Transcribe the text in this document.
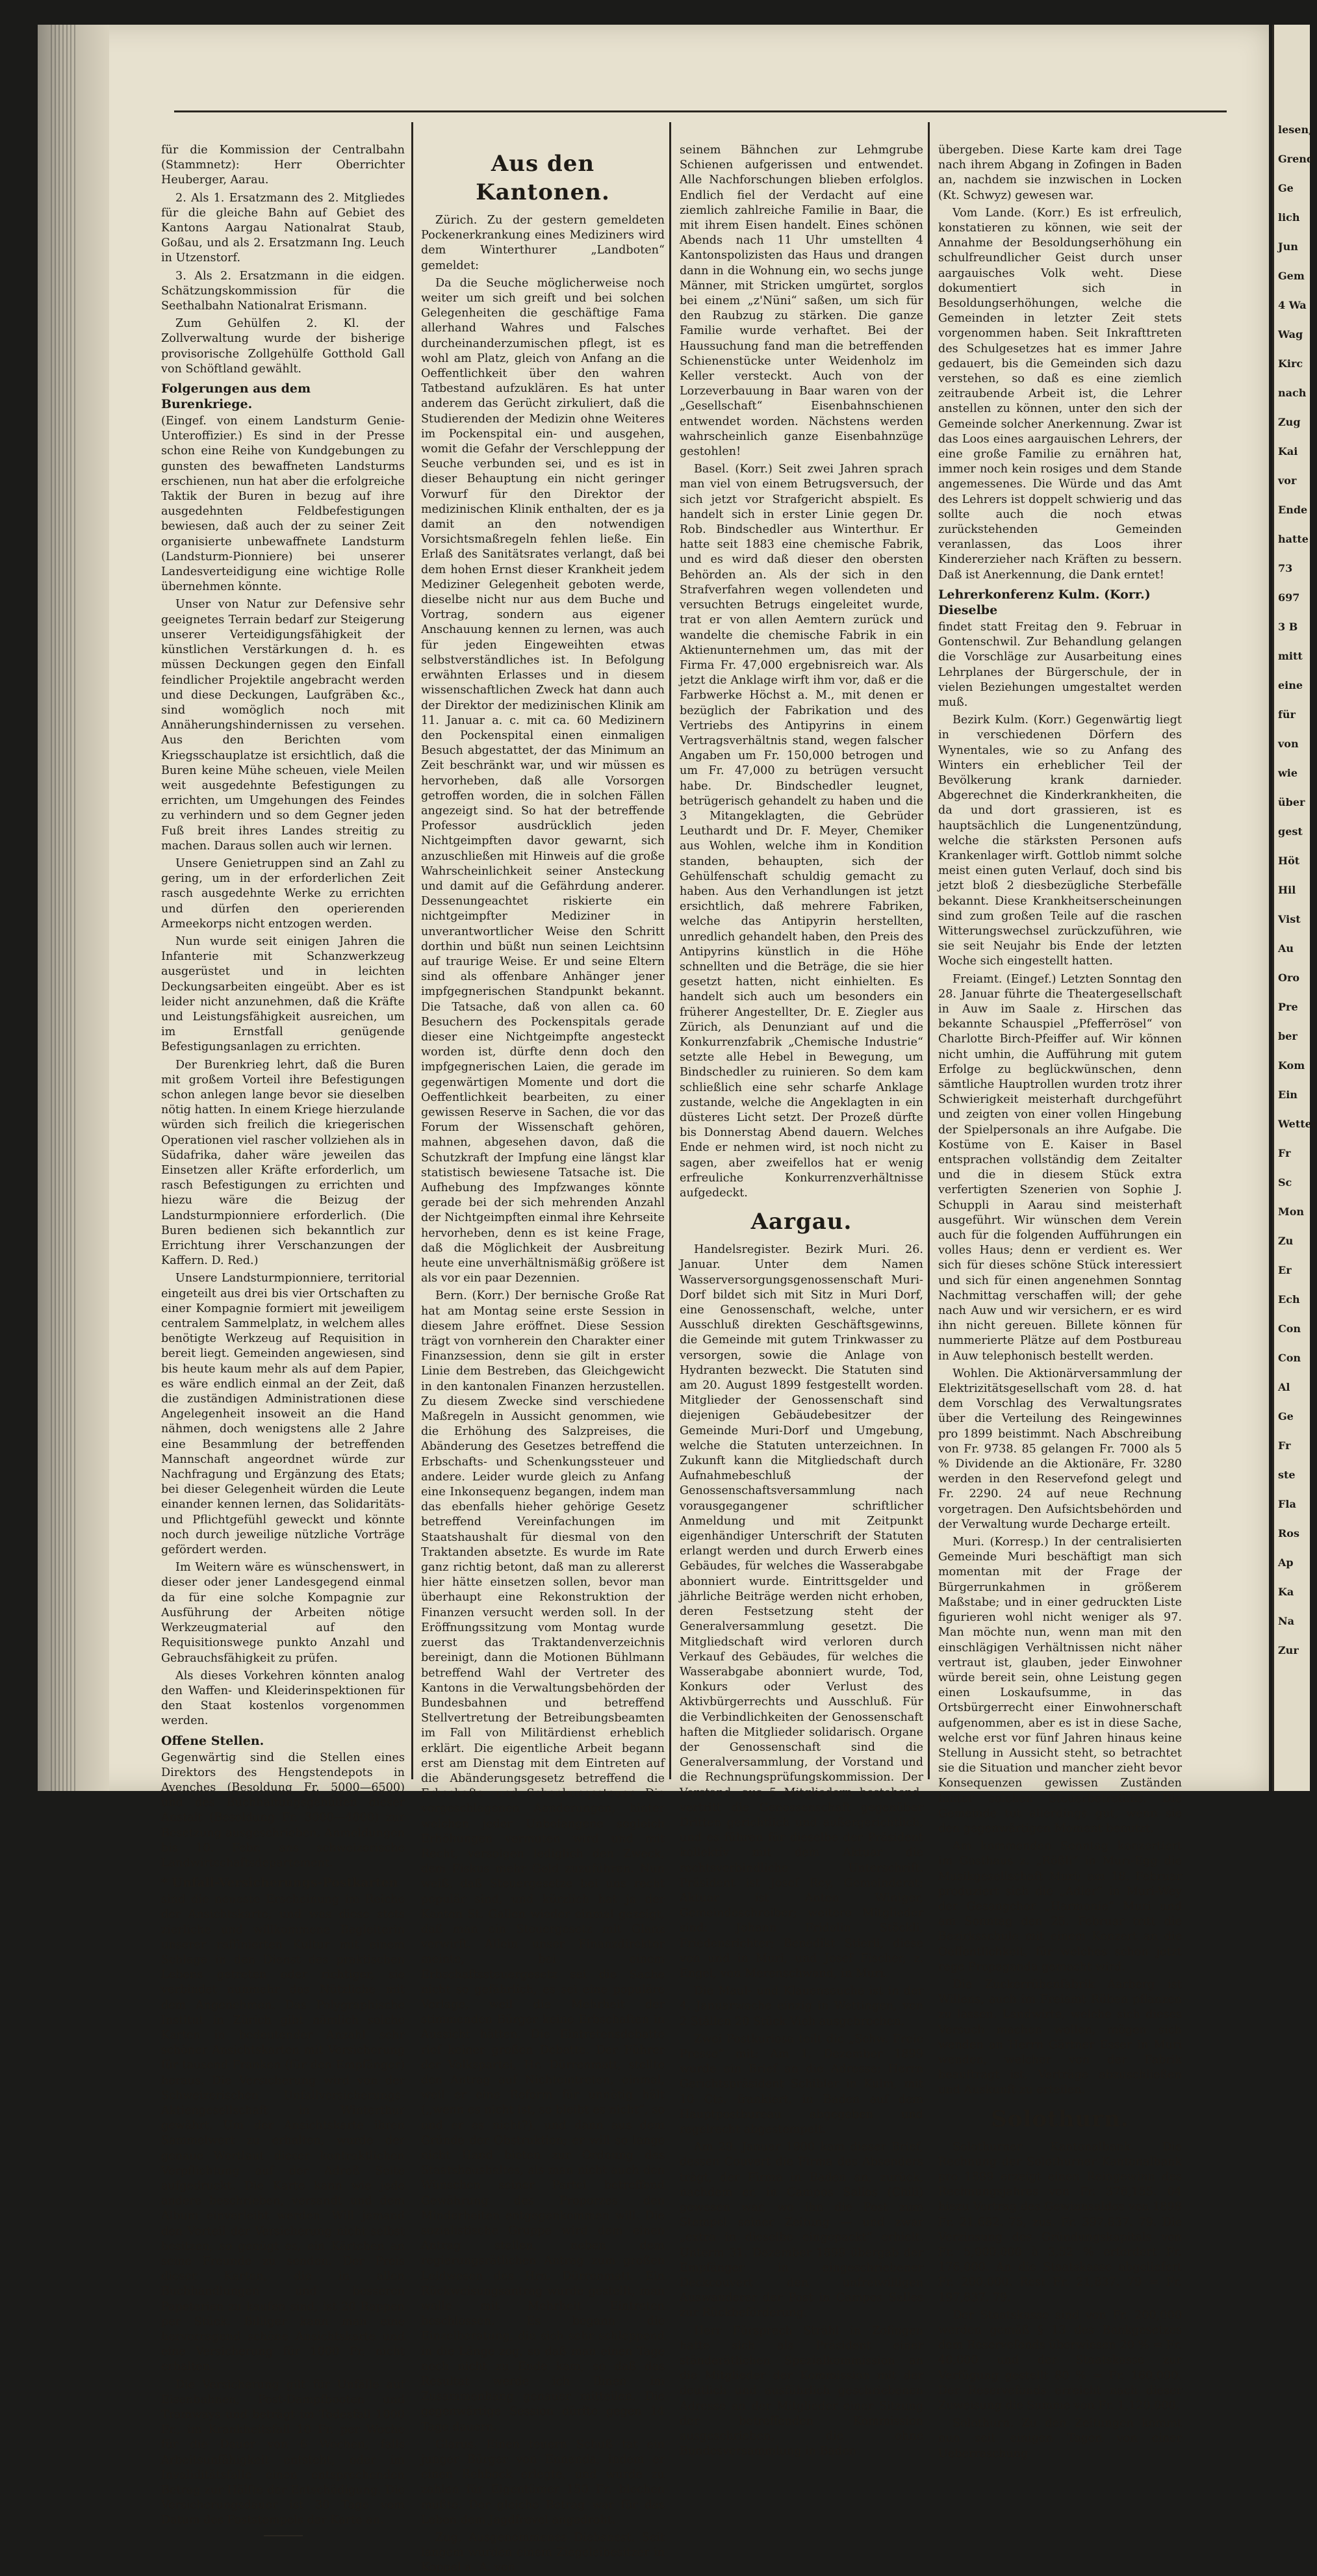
für die Kommission der Centralbahn (Stammnetz): Herr Oberrichter Heuberger, Aarau.

2. Als 1. Ersatzmann des 2. Mitgliedes für die gleiche Bahn auf Gebiet des Kantons Aargau Nationalrat Staub, Goßau, und als 2. Ersatzmann Ing. Leuch in Utzenstorf.

3. Als 2. Ersatzmann in die eidgen. Schätzungskommission für die Seethalbahn Nationalrat Erismann.

Zum Gehülfen 2. Kl. der Zollverwaltung wurde der bisherige provisorische Zollgehülfe Gotthold Gall von Schöftland gewählt.

Folgerungen aus dem Burenkriege.

(Eingef. von einem Landsturm Genie-Unteroffizier.) Es sind in der Presse schon eine Reihe von Kundgebungen zu gunsten des bewaffneten Landsturms erschienen, nun hat aber die erfolgreiche Taktik der Buren in bezug auf ihre ausgedehnten Feldbefestigungen bewiesen, daß auch der zu seiner Zeit organisierte unbewaffnete Landsturm (Landsturm-Pionniere) bei unserer Landesverteidigung eine wichtige Rolle übernehmen könnte.

Unser von Natur zur Defensive sehr geeignetes Terrain bedarf zur Steigerung unserer Verteidigungsfähigkeit der künstlichen Verstärkungen d. h. es müssen Deckungen gegen den Einfall feindlicher Projektile angebracht werden und diese Deckungen, Laufgräben &c., sind womöglich noch mit Annäherungshindernissen zu versehen. Aus den Berichten vom Kriegsschauplatze ist ersichtlich, daß die Buren keine Mühe scheuen, viele Meilen weit ausgedehnte Befestigungen zu errichten, um Umgehungen des Feindes zu verhindern und so dem Gegner jeden Fuß breit ihres Landes streitig zu machen. Daraus sollen auch wir lernen.

Unsere Genietruppen sind an Zahl zu gering, um in der erforderlichen Zeit rasch ausgedehnte Werke zu errichten und dürfen den operierenden Armeekorps nicht entzogen werden.

Nun wurde seit einigen Jahren die Infanterie mit Schanzwerkzeug ausgerüstet und in leichten Deckungsarbeiten eingeübt. Aber es ist leider nicht anzunehmen, daß die Kräfte und Leistungsfähigkeit ausreichen, um im Ernstfall genügende Befestigungsanlagen zu errichten.

Der Burenkrieg lehrt, daß die Buren mit großem Vorteil ihre Befestigungen schon anlegen lange bevor sie dieselben nötig hatten. In einem Kriege hierzulande würden sich freilich die kriegerischen Operationen viel rascher vollziehen als in Südafrika, daher wäre jeweilen das Einsetzen aller Kräfte erforderlich, um rasch Befestigungen zu errichten und hiezu wäre die Beizug der Landsturmpionniere erforderlich. (Die Buren bedienen sich bekanntlich zur Errichtung ihrer Verschanzungen der Kaffern. D. Red.)

Unsere Landsturmpionniere, territorial eingeteilt aus drei bis vier Ortschaften zu einer Kompagnie formiert mit jeweiligem centralem Sammelplatz, in welchem alles benötigte Werkzeug auf Requisition in bereit liegt. Gemeinden angewiesen, sind bis heute kaum mehr als auf dem Papier, es wäre endlich einmal an der Zeit, daß die zuständigen Administrationen diese Angelegenheit insoweit an die Hand nähmen, doch wenigstens alle 2 Jahre eine Besammlung der betreffenden Mannschaft angeordnet würde zur Nachfragung und Ergänzung des Etats; bei dieser Gelegenheit würden die Leute einander kennen lernen, das Solidaritäts- und Pflichtgefühl geweckt und könnte noch durch jeweilige nützliche Vorträge gefördert werden.

Im Weitern wäre es wünschenswert, in dieser oder jener Landesgegend einmal da für eine solche Kompagnie zur Ausführung der Arbeiten nötige Werkzeugmaterial auf den Requisitionswege punkto Anzahl und Gebrauchsfähigkeit zu prüfen.

Als dieses Vorkehren könnten analog den Waffen- und Kleiderinspektionen für den Staat kostenlos vorgenommen werden.

Offene Stellen.

Gegenwärtig sind die Stellen eines Direktors des Hengstendepots in Avenches (Besoldung Fr. 5000—6500) und des Buchhaltungsgehülfen dieser Anstalt (Besoldung Fr. 3000—4000) zur Besetzung ausgeschrieben. Anmeldungen bis 10. Febr. ans schweizerische Landwirtschaftsdepartement.

* Unfall-Versicherungs-Postkarten

sind die neueste Erscheinung im Reiche der Ansichtskarte, und was diese stets zierliche und willkommene Begleiterin unserer raffinierten Kultur mit einem Schlage in den Dienst des praktischen Lebens getreten oder richtiger, sie verbindet nunmehr das Nützliche mit dem Angenehmen. Das Polygraphische Institut in Zürich gibt nämlich solche Karten in bedeutender Anzahl sehr schöner Ansichtskarten mit Versicherung für tausend Franken (für den Empfänger) heraus. Die Versicherung wird von der Schweizerischen Unfallversicherungs-Aktiengesellschaft in Winterthur gewährt. Um der Ansichtskarte ihren Sammelwert zu erhalten, wurde der genaue Wortlaut dieser kontraktlichen Verpflichtung auf der Adreß Seite aufgedruckt. Die Karte kann wie jede andere beschrieben, versandt und dem Album einverleibt werden. Will jemand den Vorteil der Versicherung nicht selbst besitzen, so genügt es, ein Kärtchen an seine Freunde zu senden. Der Preis dieser Karten, die in allen Buchhandlungen und besseren Papeterien zu kaufen sind, ist 20 Rappen per Stück. Billiger kann man eine hervorragend schöne Ansichtskarte und eine Versicherung für 1000 Fr. nicht erhalten.

Die Versicherung gilt für Unfälle auf Eisenbahnen, Post-Dampfbooten und Tramways und beträgt im Todesfall 1000 Fr., im Krankheitsfall 10 Fr. per Woche für die Dauer von 6 Wochen, falls Arbeitsunfähigkeit entsteht, oder im Invaliditätsfalle einen entsprechenden Betrag zur Hälfte der Entschädigung. Die Versicherungsdauer ist 30 Tage vom Datum des Poststempels der Karte an.

Aus den Kantonen.

Zürich. Zu der gestern gemeldeten Pockenerkrankung eines Mediziners wird dem Winterthurer „Landboten“ gemeldet:

Da die Seuche möglicherweise noch weiter um sich greift und bei solchen Gelegenheiten die geschäftige Fama allerhand Wahres und Falsches durcheinanderzumischen pflegt, ist es wohl am Platz, gleich von Anfang an die Oeffentlichkeit über den wahren Tatbestand aufzuklären. Es hat unter anderem das Gerücht zirkuliert, daß die Studierenden der Medizin ohne Weiteres im Pockenspital ein- und ausgehen, womit die Gefahr der Verschleppung der Seuche verbunden sei, und es ist in dieser Behauptung ein nicht geringer Vorwurf für den Direktor der medizinischen Klinik enthalten, der es ja damit an den notwendigen Vorsichtsmaßregeln fehlen ließe. Ein Erlaß des Sanitätsrates verlangt, daß bei dem hohen Ernst dieser Krankheit jedem Mediziner Gelegenheit geboten werde, dieselbe nicht nur aus dem Buche und Vortrag, sondern aus eigener Anschauung kennen zu lernen, was auch für jeden Eingeweihten etwas selbstverständliches ist. In Befolgung erwähnten Erlasses und in diesem wissenschaftlichen Zweck hat dann auch der Direktor der medizinischen Klinik am 11. Januar a. c. mit ca. 60 Medizinern den Pockenspital einen einmaligen Besuch abgestattet, der das Minimum an Zeit beschränkt war, und wir müssen es hervorheben, daß alle Vorsorgen getroffen worden, die in solchen Fällen angezeigt sind. So hat der betreffende Professor ausdrücklich jeden Nichtgeimpften davor gewarnt, sich anzuschließen mit Hinweis auf die große Wahrscheinlichkeit seiner Ansteckung und damit auf die Gefährdung anderer. Dessenungeachtet riskierte ein nichtgeimpfter Mediziner in unverantwortlicher Weise den Schritt dorthin und büßt nun seinen Leichtsinn auf traurige Weise. Er und seine Eltern sind als offenbare Anhänger jener impfgegnerischen Standpunkt bekannt. Die Tatsache, daß von allen ca. 60 Besuchern des Pockenspitals gerade dieser eine Nichtgeimpfte angesteckt worden ist, dürfte denn doch den impfgegnerischen Laien, die gerade im gegenwärtigen Momente und dort die Oeffentlichkeit bearbeiten, zu einer gewissen Reserve in Sachen, die vor das Forum der Wissenschaft gehören, mahnen, abgesehen davon, daß die Schutzkraft der Impfung eine längst klar statistisch bewiesene Tatsache ist. Die Aufhebung des Impfzwanges könnte gerade bei der sich mehrenden Anzahl der Nichtgeimpften einmal ihre Kehrseite hervorheben, denn es ist keine Frage, daß die Möglichkeit der Ausbreitung heute eine unverhältnismäßig größere ist als vor ein paar Dezennien.

Bern. (Korr.) Der bernische Große Rat hat am Montag seine erste Session in diesem Jahre eröffnet. Diese Session trägt von vornherein den Charakter einer Finanzsession, denn sie gilt in erster Linie dem Bestreben, das Gleichgewicht in den kantonalen Finanzen herzustellen. Zu diesem Zwecke sind verschiedene Maßregeln in Aussicht genommen, wie die Erhöhung des Salzpreises, die Abänderung des Gesetzes betreffend die Erbschafts- und Schenkungssteuer und andere. Leider wurde gleich zu Anfang eine Inkonsequenz begangen, indem man das ebenfalls hieher gehörige Gesetz betreffend Vereinfachungen im Staatshaushalt für diesmal von den Traktanden absetzte. Es wurde im Rate ganz richtig betont, daß man zu allererst hier hätte einsetzen sollen, bevor man überhaupt eine Rekonstruktion der Finanzen versucht werden soll. In der Eröffnungssitzung vom Montag wurde zuerst das Traktandenverzeichnis bereinigt, dann die Motionen Bühlmann betreffend Wahl der Vertreter des Kantons in die Verwaltungsbehörden der Bundesbahnen und betreffend Stellvertretung der Betreibungsbeamten im Fall von Militärdienst erheblich erklärt. Die eigentliche Arbeit begann erst am Dienstag mit dem Eintreten auf die Abänderungsgesetz betreffend die Erbschafts- und Schenkungssteuer. Die vorgeschlagenen Aenderungen, hinter welchen jeder Unbefangene sogleich Erhöhungen vermuten wird und mit Recht, versolgen lediglich den Zweck, dem Fiskus mehr Geld zuzuführen. Nun weiß, daß Steuergesetze bei uns recht populär sind, und kürzlich hat ja der Kanton St. Gallen wieder einmal gezeigt, daß man ein Steuergesetz mit Glanz verwirft. Allein unser Finanzdirektor meinte, bei einem Erbschaftssteuergesetz sei die Sache nicht so gefährlich, es sei eine populäre Vorlage, weil die Mehrheit der stimmenden Bürger keine Erbschaften in Aussicht hätten. Die Eintretensdebatte rief keiner großen Debatte. Der Führer der Volkspartei, Hr. Dürrenmatt, stellte den Antrag auf Nichteintreten, einmal, weil er eine Reform für unnötig hält (,,wenn es nicht ist, so bleibt es nicht“, so und er es nicht?), und dann aus dem Gründe der Obstruktion; er will so lange nicht Hand bieten zur Ordnung des Staatshaushaltes, als man nicht auch den Wünschen seiner Partei betreffend Gewährung des Proporzes den Minderheiten entgegenkommen will. Die sozialistische Gruppe wird dem einen Antrag stellen, neben dem regierungsrätlichen Antrag zum großen Leidwesen des Hrn. Dürrenmatt. Ein Rückweisungsantrag wurde gestellt, man wolle mit Mehrheit Eintreten beschlossen. Es begann die Einzelberatung, die sich sehr schleppend in die Länge zog, so daß man einen Tage noch nicht zu Ende kam, so daß das Resultat werde ich Ihnen im Zusammenhang genauer mitteilen. Die gegenwärtige Session dürfte gegen 14 Tage dauern.

Glarus. Einen teuern Schuß tat ein junger Bürger von Ennenda, indem er einen Rehbock erlegte, und wurde zu zahlen für Eigentümer 150 Fr. blechen mußte. Der gleiche Betrag war für das Leben dem Jagdfrevel angedroht.

Zug. Ausgenommenes Diebsnest. Seit langem wurden einem Ziegeleibesitzer in Koppel a. A. von

seinem Bähnchen zur Lehmgrube Schienen aufgerissen und entwendet. Alle Nachforschungen blieben erfolglos. Endlich fiel der Verdacht auf eine ziemlich zahlreiche Familie in Baar, die mit ihrem Eisen handelt. Eines schönen Abends nach 11 Uhr umstellten 4 Kantonspolizisten das Haus und drangen dann in die Wohnung ein, wo sechs junge Männer, mit Stricken umgürtet, sorglos bei einem „z'Nüni“ saßen, um sich für den Raubzug zu stärken. Die ganze Familie wurde verhaftet. Bei der Haussuchung fand man die betreffenden Schienenstücke unter Weidenholz im Keller versteckt. Auch von der Lorzeverbauung in Baar waren von der „Gesellschaft“ Eisenbahnschienen entwendet worden. Nächstens werden wahrscheinlich ganze Eisenbahnzüge gestohlen!

Basel. (Korr.) Seit zwei Jahren sprach man viel von einem Betrugsversuch, der sich jetzt vor Strafgericht abspielt. Es handelt sich in erster Linie gegen Dr. Rob. Bindschedler aus Winterthur. Er hatte seit 1883 eine chemische Fabrik, und es wird daß dieser den obersten Behörden an. Als der sich in den Strafverfahren wegen vollendeten und versuchten Betrugs eingeleitet wurde, trat er von allen Aemtern zurück und wandelte die chemische Fabrik in ein Aktienunternehmen um, das mit der Firma Fr. 47,000 ergebnisreich war. Als jetzt die Anklage wirft ihm vor, daß er die Farbwerke Höchst a. M., mit denen er bezüglich der Fabrikation und des Vertriebs des Antipyrins in einem Vertragsverhältnis stand, wegen falscher Angaben um Fr. 150,000 betrogen und um Fr. 47,000 zu betrügen versucht habe. Dr. Bindschedler leugnet, betrügerisch gehandelt zu haben und die 3 Mitangeklagten, die Gebrüder Leuthardt und Dr. F. Meyer, Chemiker aus Wohlen, welche ihm in Kondition standen, behaupten, sich der Gehülfenschaft schuldig gemacht zu haben. Aus den Verhandlungen ist jetzt ersichtlich, daß mehrere Fabriken, welche das Antipyrin herstellten, unredlich gehandelt haben, den Preis des Antipyrins künstlich in die Höhe schnellten und die Beträge, die sie hier gesetzt hatten, nicht einhielten. Es handelt sich auch um besonders ein früherer Angestellter, Dr. E. Ziegler aus Zürich, als Denunziant auf und die Konkurrenzfabrik „Chemische Industrie“ setzte alle Hebel in Bewegung, um Bindschedler zu ruinieren. So dem kam schließlich eine sehr scharfe Anklage zustande, welche die Angeklagten in ein düsteres Licht setzt. Der Prozeß dürfte bis Donnerstag Abend dauern. Welches Ende er nehmen wird, ist noch nicht zu sagen, aber zweifellos hat er wenig erfreuliche Konkurrenzverhältnisse aufgedeckt.

Aargau.

Handelsregister. Bezirk Muri. 26. Januar. Unter dem Namen Wasserversorgungsgenossenschaft Muri-Dorf bildet sich mit Sitz in Muri Dorf, eine Genossenschaft, welche, unter Ausschluß direkten Geschäftsgewinns, die Gemeinde mit gutem Trinkwasser zu versorgen, sowie die Anlage von Hydranten bezweckt. Die Statuten sind am 20. August 1899 festgestellt worden. Mitglieder der Genossenschaft sind diejenigen Gebäudebesitzer der Gemeinde Muri-Dorf und Umgebung, welche die Statuten unterzeichnen. In Zukunft kann die Mitgliedschaft durch Aufnahmebeschluß der Genossenschaftsversammlung nach vorausgegangener schriftlicher Anmeldung und mit Zeitpunkt eigenhändiger Unterschrift der Statuten erlangt werden und durch Erwerb eines Gebäudes, für welches die Wasserabgabe abonniert wurde. Eintrittsgelder und jährliche Beiträge werden nicht erhoben, deren Festsetzung steht der Generalversammlung gesetzt. Die Mitgliedschaft wird verloren durch Verkauf des Gebäudes, für welches die Wasserabgabe abonniert wurde, Tod, Konkurs oder Verlust des Aktivbürgerrechts und Ausschluß. Für die Verbindlichkeiten der Genossenschaft haften die Mitglieder solidarisch. Organe der Genossenschaft sind die Generalversammlung, der Vorstand und die Rechnungsprüfungskommission. Der Vorstand, aus 5 Mitgliedern bestehend, vertritt die Genossenschaft gegenüber Dritten gerichtlich und außergerichtlich, und es führen für dieselbe der Präsident kollektiv mit dem Aktuar die rechtsverbindliche Unterschrift. Präsident ist Josef Rey, Gemeinderat; Aktuar ist Anton Winiger, Gemeindeschreiber; weitere Mitglieder sind: Johann Fridolin Stöckli, Friedensrichter; Benedikt Stierli, diese von und in Muri, und Josef Fischer, z. Engel, von Merenschwand, in Muri.

Die Maul- und Klauenseuche ist in der 4. Januarwoche einzig in Wettingen, von 2 Ställen 20 Stück Vieh ausgebrochen.

Zwei Postkuriosa teilt die „Schw. Freie Presse“ mit: Am 1. Dezember 1899 wurde ein Brief an die Adresse: Herrn Gerichtspräsident Schibler in Kulm, mit 10 Cts. frankiert, in Baden auf dem Hauptpostbureau abgegeben und regelrecht abgestempelt.

Am 29. Januar 1900 kam dieser Brief, dessen Couvert die Firma des Absenders trägt, der Firma in Baden an, zurück, nachdem er, in Campos Sallos (Chili) gewesen war, wo ihn die Post zum Stempel seiner Zeitung — und zwar „extra in dieselbe eingepackt“ erhielt. Unterm 31. Dezember 1899 übergab der Empfänger in eingeschriebener Deckcouvert den unfreiwilligen Auswanderer der Post in Campos Salles zur Rückbeförderung.

Herr Fürsprech Strähl in Zofingen hatte sich als Präsident einer ständerätlichen Spezialkommission an die Mitglieder der Kommission mit der deutlich und ausführlich geschriebenen Adresse an der Mitglieder einer Sitzung der betreffenden Kommission ausgeschrieben, die ohne Bundesversammlung in Baden

übergeben. Diese Karte kam drei Tage nach ihrem Abgang in Zofingen in Baden an, nachdem sie inzwischen in Locken (Kt. Schwyz) gewesen war.

Vom Lande. (Korr.) Es ist erfreulich, konstatieren zu können, wie seit der Annahme der Besoldungserhöhung ein schulfreundlicher Geist durch unser aargauisches Volk weht. Diese dokumentiert sich in Besoldungserhöhungen, welche die Gemeinden in letzter Zeit stets vorgenommen haben. Seit Inkrafttreten des Schulgesetzes hat es immer Jahre gedauert, bis die Gemeinden sich dazu verstehen, so daß es eine ziemlich zeitraubende Arbeit ist, die Lehrer anstellen zu können, unter den sich der Gemeinde solcher Anerkennung. Zwar ist das Loos eines aargauischen Lehrers, der eine große Familie zu ernähren hat, immer noch kein rosiges und dem Stande angemessenes. Die Würde und das Amt des Lehrers ist doppelt schwierig und das sollte auch die noch etwas zurückstehenden Gemeinden veranlassen, das Loos ihrer Kindererzieher nach Kräften zu bessern. Daß ist Anerkennung, die Dank erntet!

Lehrerkonferenz Kulm. (Korr.) Dieselbe

findet statt Freitag den 9. Februar in Gontenschwil. Zur Behandlung gelangen die Vorschläge zur Ausarbeitung eines Lehrplanes der Bürgerschule, der in vielen Beziehungen umgestaltet werden muß.

Bezirk Kulm. (Korr.) Gegenwärtig liegt in verschiedenen Dörfern des Wynentales, wie so zu Anfang des Winters ein erheblicher Teil der Bevölkerung krank darnieder. Abgerechnet die Kinderkrankheiten, die da und dort grassieren, ist es hauptsächlich die Lungenentzündung, welche die stärksten Personen aufs Krankenlager wirft. Gottlob nimmt solche meist einen guten Verlauf, doch sind bis jetzt bloß 2 diesbezügliche Sterbefälle bekannt. Diese Krankheitserscheinungen sind zum großen Teile auf die raschen Witterungswechsel zurückzuführen, wie sie seit Neujahr bis Ende der letzten Woche sich eingestellt hatten.

Freiamt. (Eingef.) Letzten Sonntag den 28. Januar führte die Theatergesellschaft in Auw im Saale z. Hirschen das bekannte Schauspiel „Pfefferrösel“ von Charlotte Birch-Pfeiffer auf. Wir können nicht umhin, die Aufführung mit gutem Erfolge zu beglückwünschen, denn sämtliche Hauptrollen wurden trotz ihrer Schwierigkeit meisterhaft durchgeführt und zeigten von einer vollen Hingebung der Spielpersonals an ihre Aufgabe. Die Kostüme von E. Kaiser in Basel entsprachen vollständig dem Zeitalter und die in diesem Stück extra verfertigten Szenerien von Sophie J. Schuppli in Aarau sind meisterhaft ausgeführt. Wir wünschen dem Verein auch für die folgenden Aufführungen ein volles Haus; denn er verdient es. Wer sich für dieses schöne Stück interessiert und sich für einen angenehmen Sonntag Nachmittag verschaffen will; der gehe nach Auw und wir versichern, er es wird ihn nicht gereuen. Billete können für nummerierte Plätze auf dem Postbureau in Auw telephonisch bestellt werden.

Wohlen. Die Aktionärversammlung der Elektrizitätsgesellschaft vom 28. d. hat dem Vorschlag des Verwaltungsrates über die Verteilung des Reingewinnes pro 1899 beistimmt. Nach Abschreibung von Fr. 9738. 85 gelangen Fr. 7000 als 5 % Dividende an die Aktionäre, Fr. 3280 werden in den Reservefond gelegt und Fr. 2290. 24 auf neue Rechnung vorgetragen. Den Aufsichtsbehörden und der Verwaltung wurde Decharge erteilt.

Muri. (Korresp.) In der centralisierten Gemeinde Muri beschäftigt man sich momentan mit der Frage der Bürgerrunkahmen in größerem Maßstabe; und in einer gedruckten Liste figurieren wohl nicht weniger als 97. Man möchte nun, wenn man mit den einschlägigen Verhältnissen nicht näher vertraut ist, glauben, jeder Einwohner würde bereit sein, ohne Leistung gegen einen Loskaufsumme, in das Ortsbürgerrecht einer Einwohnerschaft aufgenommen, aber es ist in diese Sache, welche erst vor fünf Jahren hinaus keine Stellung in Aussicht steht, so betrachtet sie die Situation und mancher zieht bevor Konsequenzen gewissen Zuständen hinter solchen Steuerbetreffnis. Die Gemeinde tut allerdings gut, wenn sie den gegenwärtigen Moment benutzt.

Am kommenden Sonntag konzertiert im Gasthaus z. „Rößli“ in Muri-Egg die Musikgesellschaft Muri; am 18. Februar produziert sich die „Adler“ in Muri-Wey der Gesangchor „Harmonie“ Muri und am Sonntag den 25. Februar tritt die Bezirksschule mit einem Konzert an die Oeffentlichkeit, für welches schon jetzt rege Propaganda gemacht wird.

Die Zuckerrübenfabrik Aarberg ist Willens, auch im Freiamt Rüben pflanzen zu lassen. Landwirte, welche sich dieses Versuch machen wollen, mögen sich wenden an Herrn Gärtner Esser in Muri wenden, welcher von der Fabrik beauftragt ist, Verträge abzuschließen und Auskunft zu erteilen.

Solothurn.

Solothurner Kantonalbank. Die Rechnung der Solothurner Kantonalbank pro 1899 erzeigt einen Reingewinn des Rechnungsjahres von Fr. 376,155. 04 hiezu Vortrag des Gewinnsaldos von 1898 Fr. 21,682. 75, zus. Fr. 397,837. 79. Die Verzinsung des Gründungskapitals von Fr. 5,000,000 à 3,52 % erfordert Fr. 176,000. An die Staatskasse abgeliefert Fr. 200,000. Rest Fr. 21,837. 79 = Fr. 197,837. 79.

Der Staatskasse sind von Fr. 200,000 werden gemäß § 13 des Bankgesetzes dem Reservefonds überwiesen 20 % = Fr. 40,000 und der Staatskasse zur Verfügung gestellt 80 % = Fr. 160,000. Der Reservefonds erreicht nach dieser Zuweisung die Summe von Fr. 1,120,000.

Solothurn. Zu den Zeitungen kommt nun seit einigen Tagen von einer Ueberraschung

lesen,
Grend
Ge
lich
Jun
Gem
4 Wa
Wag
Kirc
nach
Zug
Kai
vor
Ende
hatte
73
697
3 B
mitt
eine
für
von
wie
über
gest
Höt
Hil
Vist
Au
Oro
Pre
ber
Kom
Ein
Wetter
Fr
Sc
Mon
Zu
Er
Ech
Con
Con
Al
Ge
Fr
ste
Fla
Ros
Ap
Ka
Na
Zur
